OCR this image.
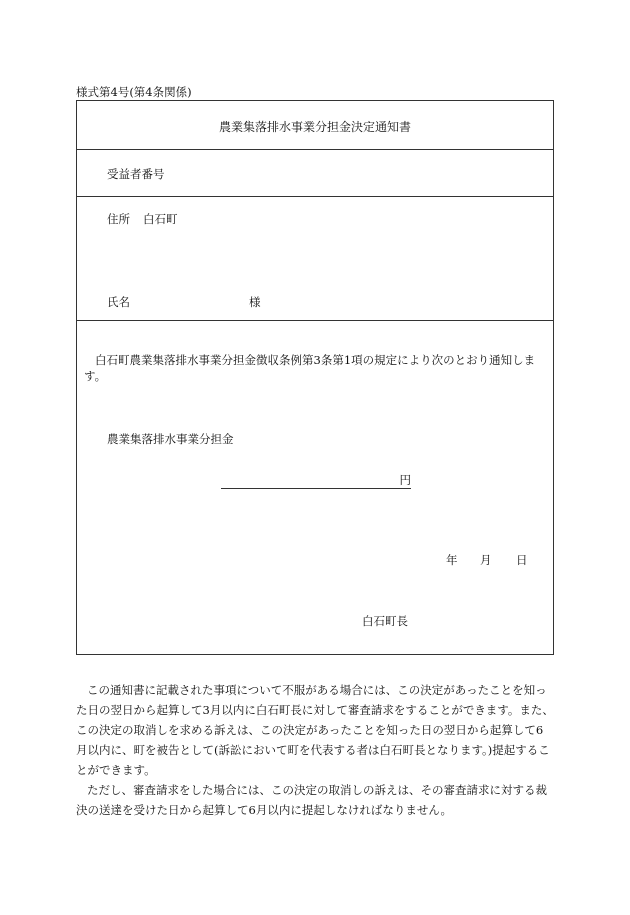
様式第4号(第4条関係)
農業集落排水事業分担金決定通知書
受益者番号
住所 白石町
氏名	様
白石町農業集落排水事業分担金徴収条例第3条第1項の規定により次のとおり通知します。
農業集落排水事業分担金
円
年 月 日
白石町長

この通知書に記載された事項について不服がある場合には、この決定があったことを知った日の翌日から起算して3月以内に白石町長に対して審査請求をすることができます。また、この決定の取消しを求める訴えは、この決定があったことを知った日の翌日から起算して6月以内に、町を被告として(訴訟において町を代表する者は白石町長となります。)提起することができます。

ただし、審査請求をした場合には、この決定の取消しの訴えは、その審査請求に対する裁決の送達を受けた日から起算して6月以内に提起しなければなりません。
